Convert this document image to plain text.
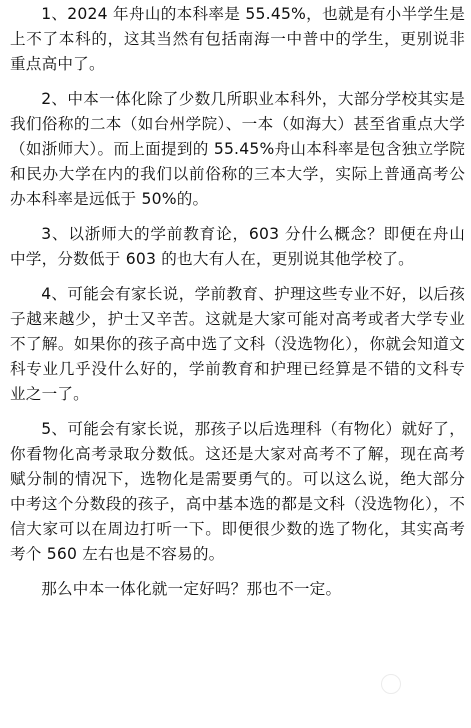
1、2024 年舟山的本科率是 55.45%，也就是有小半学生是上不了本科的，这其当然有包括南海一中普中的学生，更别说非重点高中了。

2、中本一体化除了少数几所职业本科外，大部分学校其实是我们俗称的二本（如台州学院）、一本（如海大）甚至省重点大学（如浙师大）。而上面提到的 55.45%舟山本科率是包含独立学院和民办大学在内的我们以前俗称的三本大学，实际上普通高考公办本科率是远低于 50%的。

3、以浙师大的学前教育论，603 分什么概念？即便在舟山中学，分数低于 603 的也大有人在，更别说其他学校了。

4、可能会有家长说，学前教育、护理这些专业不好，以后孩子越来越少，护士又辛苦。这就是大家可能对高考或者大学专业不了解。如果你的孩子高中选了文科（没选物化），你就会知道文科专业几乎没什么好的，学前教育和护理已经算是不错的文科专业之一了。

5、可能会有家长说，那孩子以后选理科（有物化）就好了，你看物化高考录取分数低。这还是大家对高考不了解，现在高考赋分制的情况下，选物化是需要勇气的。可以这么说，绝大部分中考这个分数段的孩子，高中基本选的都是文科（没选物化），不信大家可以在周边打听一下。即便很少数的选了物化，其实高考考个 560 左右也是不容易的。

那么中本一体化就一定好吗？那也不一定。
